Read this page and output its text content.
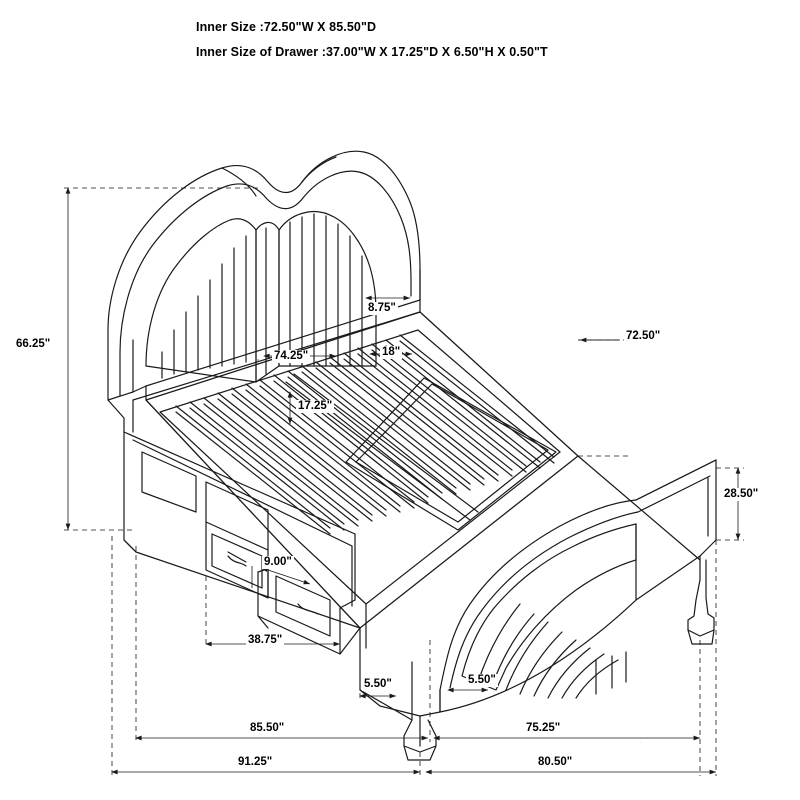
Inner Size :72.50"W X 85.50"D
Inner Size of Drawer :37.00"W X 17.25"D X 6.50"H X 0.50"T
66.25"
8.75"
74.25"	18"
72.50"
17.25"
9.00"
38.75"
28.50"
5.50"	5.50"
85.50"	75.25"
91.25"	80.50"
